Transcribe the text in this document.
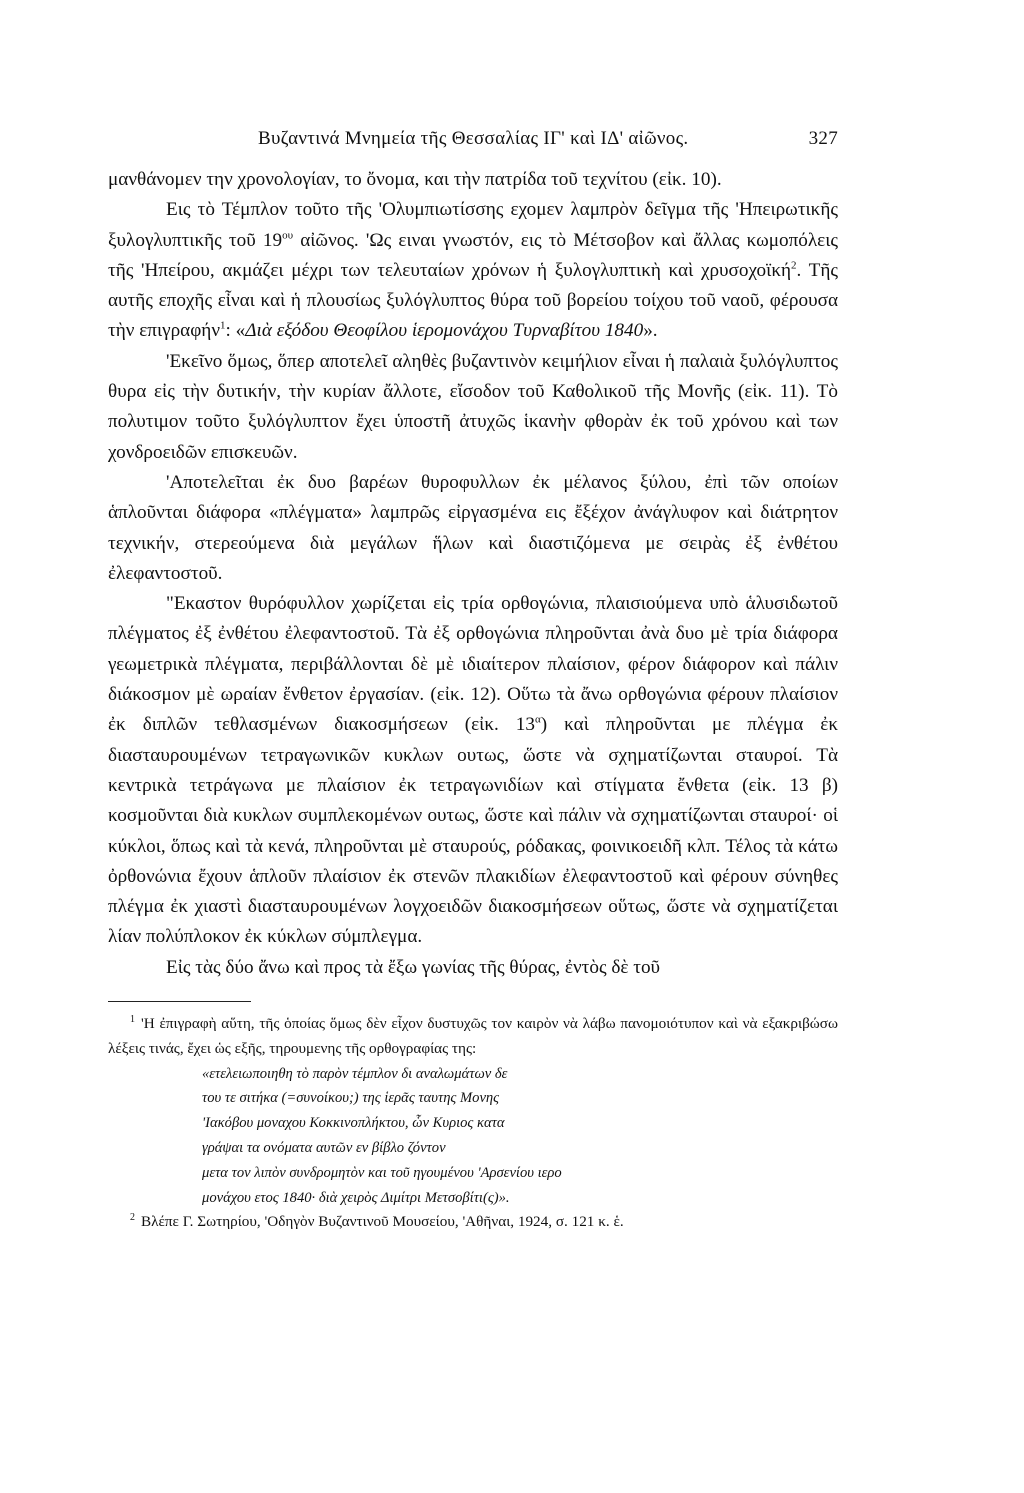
Βυζαντινά Μνημεία τῆς Θεσσαλίας ΙΓ' καὶ ΙΔ' αἰῶνος.	327

μανθάνομεν την χρονολογίαν, το ὄνομα, και τὴν πατρίδα τοῦ τεχνίτου (εἰκ. 10).

Εις τὸ Τέμπλον τοῦτο τῆς 'Ολυμπιωτίσσης εχομεν λαμπρὸν δεῖγμα τῆς 'Ηπειρωτικῆς ξυλογλυπτικῆς τοῦ $19^{o\upsilon}$ αἰῶνος. 'Ως ειναι γνωστόν, εις τὸ Μέτσοβον καὶ ἄλλας κωμοπόλεις τῆς 'Ηπείρου, ακμάζει μέχρι των τελευταίων χρόνων ἡ ξυλογλυπτικὴ καὶ χρυσοχοϊκή$^2$. Τῆς αυτῆς εποχῆς εἶναι καὶ ἡ πλουσίως ξυλόγλυπτος θύρα τοῦ βορείου τοίχου τοῦ ναοῦ, φέρουσα τὴν επιγραφήν$^1$: «Διὰ εξόδου Θεοφίλου ἱερομονάχου Τυρναβίτου 1840».

'Εκεῖνο ὅμως, ὅπερ αποτελεῖ αληθὲς βυζαντινὸν κειμήλιον εἶναι ἡ παλαιὰ ξυλόγλυπτος θυρα εἰς τὴν δυτικήν, τὴν κυρίαν ἄλλοτε, εἴσοδον τοῦ Καθολικοῦ τῆς Μονῆς (εἰκ. 11). Τὸ πολυτιμον τοῦτο ξυλόγλυπτον ἔχει ὑποστῆ ἀτυχῶς ἱκανὴν φθορὰν ἐκ τοῦ χρόνου καὶ των χονδροειδῶν επισκευῶν.

'Αποτελεῖται ἐκ δυο βαρέων θυροφυλλων ἐκ μέλανος ξύλου, ἐπὶ τῶν οποίων ἁπλοῦνται διάφορα «πλέγματα» λαμπρῶς εἰργασμένα εις ἔξέχον ἀνάγλυφον καὶ διάτρητον τεχνικήν, στερεούμενα διὰ μεγάλων ἥλων καὶ διαστιζόμενα με σειρὰς ἐξ ἐνθέτου ἐλεφαντοστοῦ.

"Εκαστον θυρόφυλλον χωρίζεται εἰς τρία ορθογώνια, πλαισιούμενα υπὸ ἁλυσιδωτοῦ πλέγματος ἐξ ἐνθέτου ἐλεφαντοστοῦ. Τὰ ἐξ ορθογώνια πληροῦνται ἀνὰ δυο μὲ τρία διάφορα γεωμετρικὰ πλέγματα, περιβάλλονται δὲ μὲ ιδιαίτερον πλαίσιον, φέρον διάφορον καὶ πάλιν διάκοσμον μὲ ωραίαν ἔνθετον ἐργασίαν. (εἰκ. 12). Οὕτω τὰ ἄνω ορθογώνια φέρουν πλαίσιον ἐκ διπλῶν τεθλασμένων διακοσμήσεων (εἰκ. $13^\alpha$) καὶ πληροῦνται με πλέγμα ἐκ διασταυρουμένων τετραγωνικῶν κυκλων ουτως, ὥστε νὰ σχηματίζωνται σταυροί. Τὰ κεντρικὰ τετράγωνα με πλαίσιον ἐκ τετραγωνιδίων καὶ στίγματα ἔνθετα (εἰκ. 13 β) κοσμοῦνται διὰ κυκλων συμπλεκομένων ουτως, ὥστε καὶ πάλιν νὰ σχηματίζωνται σταυροί· οἱ κύκλοι, ὅπως καὶ τὰ κενά, πληροῦνται μὲ σταυρούς, ρόδακας, φοινικοειδῆ κλπ. Τέλος τὰ κάτω ὀρθονώνια ἔχουν ἁπλοῦν πλαίσιον ἐκ στενῶν πλακιδίων ἐλεφαντοστοῦ καὶ φέρουν σύνηθες πλέγμα ἐκ χιαστὶ διασταυρουμένων λογχοειδῶν διακοσμήσεων οὕτως, ὥστε νὰ σχηματίζεται λίαν πολύπλοκον ἐκ κύκλων σύμπλεγμα.

Εἰς τὰς δύο ἄνω καὶ προς τὰ ἔξω γωνίας τῆς θύρας, ἐντὸς δὲ τοῦ

$^1$ 'Η ἐπιγραφὴ αὕτη, τῆς ὁποίας ὅμως δὲν εἶχον δυστυχῶς τον καιρὸν νὰ λάβω πανομοιότυπον καὶ νὰ εξακριβώσω λέξεις τινάς, ἔχει ὡς εξῆς, τηρουμενης τῆς ορθογραφίας της:

«ετελειωποιηθη τὸ παρὸν τέμπλον δι αναλωμάτων δε
του τε σιτήκα (=συνοίκου;) της ἱερᾶς ταυτης Μονης
'Ιακόβου μοναχου Κοκκινοπλήκτου, ὧν Κυριος κατα
γράψαι τα ονόματα αυτῶν εν βίβλο ζόντον
μετα τον λιπὸν συνδρομητὸν και τοῦ ηγουμένου 'Αρσενίου ιερο
μονάχου ετος 1840· διὰ χειρὸς Διμίτρι Μετσοβίτι(ς)».

$^2$ Βλέπε Γ. Σωτηρίου, 'Οδηγὸν Βυζαντινοῦ Μουσείου, 'Αθῆναι, 1924, σ. 121 κ. ἑ.
